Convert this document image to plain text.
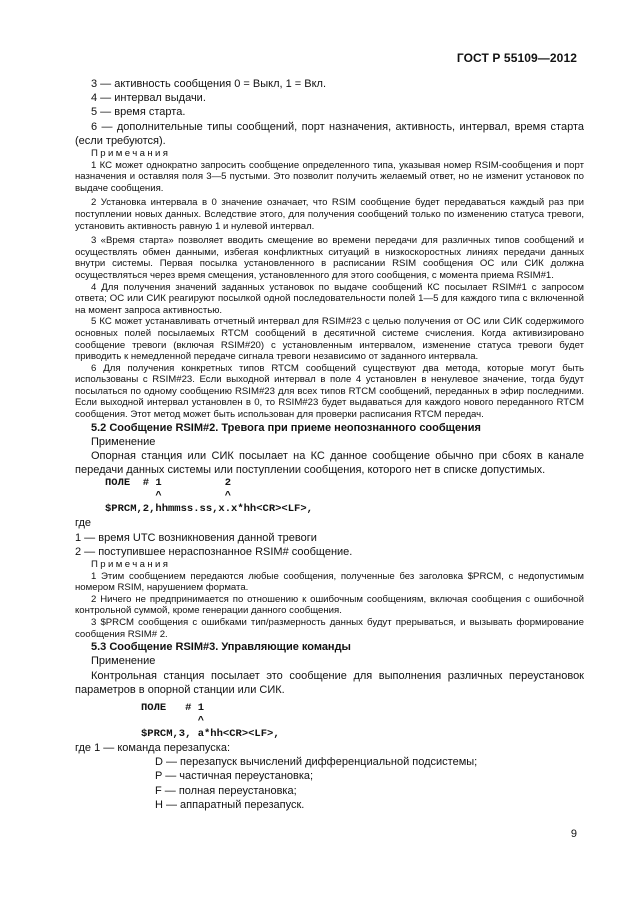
ГОСТ Р 55109—2012

3 — активность сообщения 0 = Выкл, 1 = Вкл.

4 — интервал выдачи.

5 — время старта.

6 — дополнительные типы сообщений, порт назначения, активность, интервал, время старта (если требуются).

Примечания

1 КС может однократно запросить сообщение определенного типа, указывая номер RSIM-сообщения и порт назначения и оставляя поля 3—5 пустыми. Это позволит получить желаемый ответ, но не изменит установок по выдаче сообщения.

2 Установка интервала в 0 значение означает, что RSIM сообщение будет передаваться каждый раз при поступлении новых данных. Вследствие этого, для получения сообщений только по изменению статуса тревоги, установить активность равную 1 и нулевой интервал.

3 «Время старта» позволяет вводить смещение во времени передачи для различных типов сообщений и осуществлять обмен данными, избегая конфликтных ситуаций в низкоскоростных линиях передачи данных внутри системы. Первая посылка установленного в расписании RSIM сообщения ОС или СИК должна осуществляться через время смещения, установленного для этого сообщения, с момента приема RSIM#1.

4 Для получения значений заданных установок по выдаче сообщений КС посылает RSIM#1 с запросом ответа; ОС или СИК реагируют посылкой одной последовательности полей 1—5 для каждого типа с включенной на момент запроса активностью.

5 КС может устанавливать отчетный интервал для RSIM#23 с целью получения от ОС или СИК содержимого основных полей посылаемых RTCM сообщений в десятичной системе счисления. Когда активизировано сообщение тревоги (включая RSIM#20) с установленным интервалом, изменение статуса тревоги будет приводить к немедленной передаче сигнала тревоги независимо от заданного интервала.

6 Для получения конкретных типов RTCM сообщений существуют два метода, которые могут быть использованы с RSIM#23. Если выходной интервал в поле 4 установлен в ненулевое значение, тогда будут посылаться по одному сообщению RSIM#23 для всех типов RTCM сообщений, переданных в эфир последними. Если выходной интервал установлен в 0, то RSIM#23 будет выдаваться для каждого нового переданного RTCM сообщения. Этот метод может быть использован для проверки расписания RTCM передач.

5.2 Сообщение RSIM#2. Тревога при приеме неопознанного сообщения

Применение

Опорная станция или СИК посылает на КС данное сообщение обычно при сбоях в канале передачи данных системы или поступлении сообщения, которого нет в списке допустимых.

ПОЛЕ  # 1          2
^          ^
$PRCM,2,hhmmss.ss,x.x*hh<CR><LF>,

где

1 — время UTC возникновения данной тревоги

2 — поступившее нераспознанное RSIM# сообщение.

Примечания

1 Этим сообщением передаются любые сообщения, полученные без заголовка $PRCM, с недопустимым номером RSIM, нарушением формата.

2 Ничего не предпринимается по отношению к ошибочным сообщениям, включая сообщения с ошибочной контрольной суммой, кроме генерации данного сообщения.

3 $PRCM сообщения с ошибками тип/размерность данных будут прерываться, и вызывать формирование сообщения RSIM# 2.

5.3 Сообщение RSIM#3. Управляющие команды

Применение

Контрольная станция посылает это сообщение для выполнения различных переустановок параметров в опорной станции или СИК.

ПОЛЕ   # 1
^
$PRCM,3, a*hh<CR><LF>,

где 1 — команда перезапуска:

D — перезапуск вычислений дифференциальной подсистемы;

P — частичная переустановка;

F — полная переустановка;

H — аппаратный перезапуск.

9
